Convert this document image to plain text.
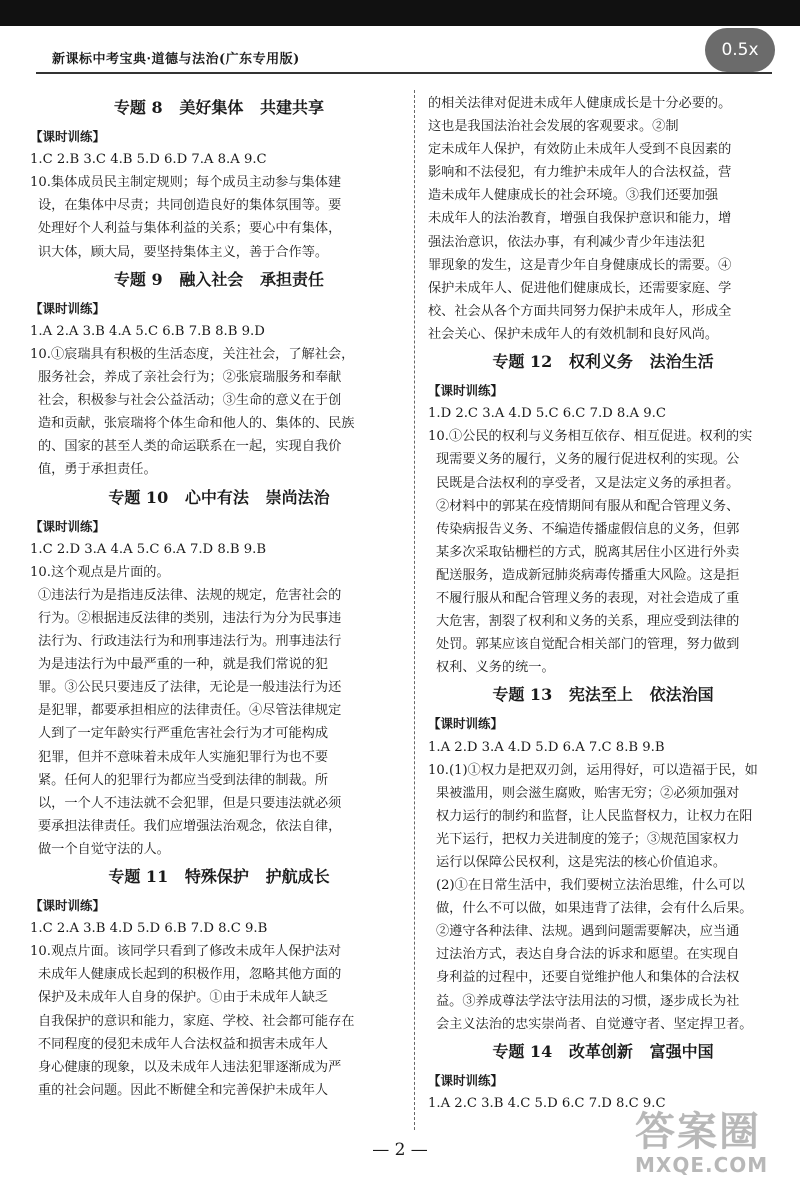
新课标中考宝典·道德与法治(广东专用版)	0.5x
专题 8   美好集体   共建共享
【课时训练】
1.C 2.B 3.C 4.B 5.D 6.D 7.A 8.A 9.C
10.集体成员民主制定规则；每个成员主动参与集体建
设，在集体中尽责；共同创造良好的集体氛围等。要
处理好个人利益与集体利益的关系；要心中有集体，
识大体，顾大局，要坚持集体主义，善于合作等。
专题 9   融入社会   承担责任
【课时训练】
1.A 2.A 3.B 4.A 5.C 6.B 7.B 8.B 9.D
10.①宸瑞具有积极的生活态度，关注社会，了解社会，
服务社会，养成了亲社会行为；②张宸瑞服务和奉献
社会，积极参与社会公益活动；③生命的意义在于创
造和贡献，张宸瑞将个体生命和他人的、集体的、民族
的、国家的甚至人类的命运联系在一起，实现自我价
值，勇于承担责任。
专题 10   心中有法   崇尚法治
【课时训练】
1.C 2.D 3.A 4.A 5.C 6.A 7.D 8.B 9.B
10.这个观点是片面的。
①违法行为是指违反法律、法规的规定，危害社会的
行为。②根据违反法律的类别，违法行为分为民事违
法行为、行政违法行为和刑事违法行为。刑事违法行
为是违法行为中最严重的一种，就是我们常说的犯
罪。③公民只要违反了法律，无论是一般违法行为还
是犯罪，都要承担相应的法律责任。④尽管法律规定
人到了一定年龄实行严重危害社会行为才可能构成
犯罪，但并不意味着未成年人实施犯罪行为也不要
紧。任何人的犯罪行为都应当受到法律的制裁。所
以，一个人不违法就不会犯罪，但是只要违法就必须
要承担法律责任。我们应增强法治观念，依法自律，
做一个自觉守法的人。
专题 11   特殊保护   护航成长
【课时训练】
1.C 2.A 3.B 4.D 5.D 6.B 7.D 8.C 9.B
10.观点片面。该同学只看到了修改未成年人保护法对
未成年人健康成长起到的积极作用，忽略其他方面的
保护及未成年人自身的保护。①由于未成年人缺乏
自我保护的意识和能力，家庭、学校、社会都可能存在
不同程度的侵犯未成年人合法权益和损害未成年人
身心健康的现象，以及未成年人违法犯罪逐渐成为严
重的社会问题。因此不断健全和完善保护未成年人
的相关法律对促进未成年人健康成长是十分必要的。
这也是我国法治社会发展的客观要求。②制
定未成年人保护，有效防止未成年人受到不良因素的
影响和不法侵犯，有力维护未成年人的合法权益，营
造未成年人健康成长的社会环境。③我们还要加强
未成年人的法治教育，增强自我保护意识和能力，增
强法治意识，依法办事，有利减少青少年违法犯
罪现象的发生，这是青少年自身健康成长的需要。④
保护未成年人、促进他们健康成长，还需要家庭、学
校、社会从各个方面共同努力保护未成年人，形成全
社会关心、保护未成年人的有效机制和良好风尚。
专题 12   权利义务   法治生活
【课时训练】
1.D 2.C 3.A 4.D 5.C 6.C 7.D 8.A 9.C
10.①公民的权利与义务相互依存、相互促进。权利的实
现需要义务的履行，义务的履行促进权利的实现。公
民既是合法权利的享受者，又是法定义务的承担者。
②材料中的郭某在疫情期间有服从和配合管理义务、
传染病报告义务、不编造传播虚假信息的义务，但郭
某多次采取钻栅栏的方式，脱离其居住小区进行外卖
配送服务，造成新冠肺炎病毒传播重大风险。这是拒
不履行服从和配合管理义务的表现，对社会造成了重
大危害，割裂了权利和义务的关系，理应受到法律的
处罚。郭某应该自觉配合相关部门的管理，努力做到
权利、义务的统一。
专题 13   宪法至上   依法治国
【课时训练】
1.A 2.D 3.A 4.D 5.D 6.A 7.C 8.B 9.B
10.(1)①权力是把双刃剑，运用得好，可以造福于民，如
果被滥用，则会滋生腐败，贻害无穷；②必须加强对
权力运行的制约和监督，让人民监督权力，让权力在阳
光下运行，把权力关进制度的笼子；③规范国家权力
运行以保障公民权利，这是宪法的核心价值追求。
(2)①在日常生活中，我们要树立法治思维，什么可以
做，什么不可以做，如果违背了法律，会有什么后果。
②遵守各种法律、法规。遇到问题需要解决，应当通
过法治方式，表达自身合法的诉求和愿望。在实现自
身利益的过程中，还要自觉维护他人和集体的合法权
益。③养成尊法学法守法用法的习惯，逐步成长为社
会主义法治的忠实崇尚者、自觉遵守者、坚定捍卫者。
专题 14   改革创新   富强中国
【课时训练】
1.A 2.C 3.B 4.C 5.D 6.C 7.D 8.C 9.C
— 2 —	答案圈
MXQE.COM
